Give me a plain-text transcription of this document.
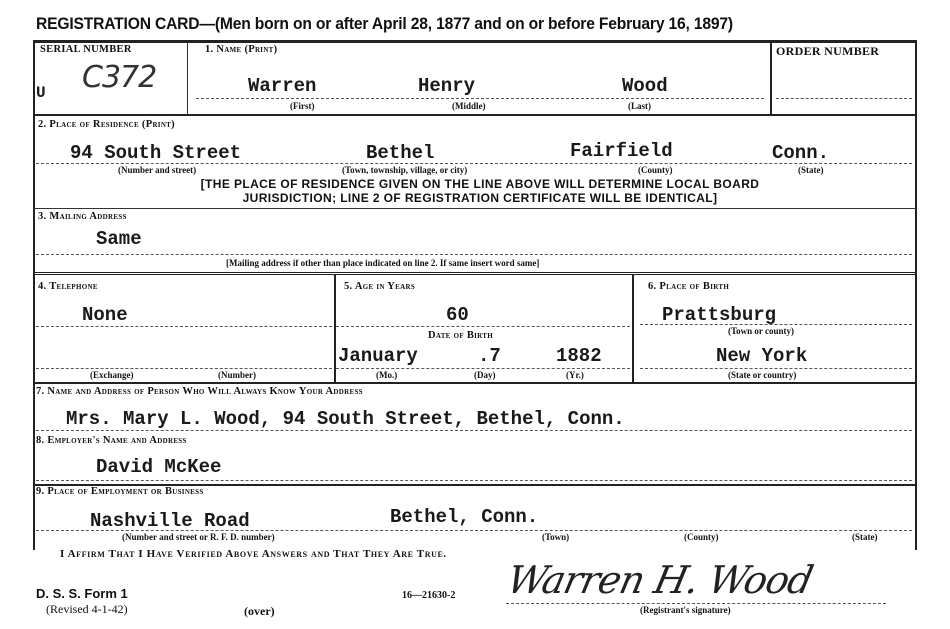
REGISTRATION CARD—(Men born on or after April 28, 1877 and on or before February 16, 1897)
SERIAL NUMBER
U C372
1. Name (Print)
Warren	Henry	Wood
(First)	(Middle)	(Last)
ORDER NUMBER
2. Place of Residence (Print)
94 South Street	Bethel	Fairfield	Conn.
(Number and street)	(Town, township, village, or city)	(County)	(State)
[THE PLACE OF RESIDENCE GIVEN ON THE LINE ABOVE WILL DETERMINE LOCAL BOARD
JURISDICTION; LINE 2 OF REGISTRATION CERTIFICATE WILL BE IDENTICAL]
3. Mailing Address
Same
[Mailing address if other than place indicated on line 2. If same insert word same]
4. Telephone
None
(Exchange)	(Number)
5. Age in Years
60
Date of Birth
January	.7	1882
(Mo.)	(Day)	(Yr.)
6. Place of Birth
Prattsburg
(Town or county)
New York
(State or country)
7. Name and Address of Person Who Will Always Know Your Address
Mrs. Mary L. Wood, 94 South Street, Bethel, Conn.
8. Employer's Name and Address
David McKee
9. Place of Employment or Business
Nashville Road	Bethel, Conn.
(Number and street or R. F. D. number)	(Town)	(County)	(State)
I Affirm That I Have Verified Above Answers and That They Are True.
D. S. S. Form 1
(Revised 4-1-42)	(over)
16—21630-2 Warren H. Wood
(Registrant's signature)
